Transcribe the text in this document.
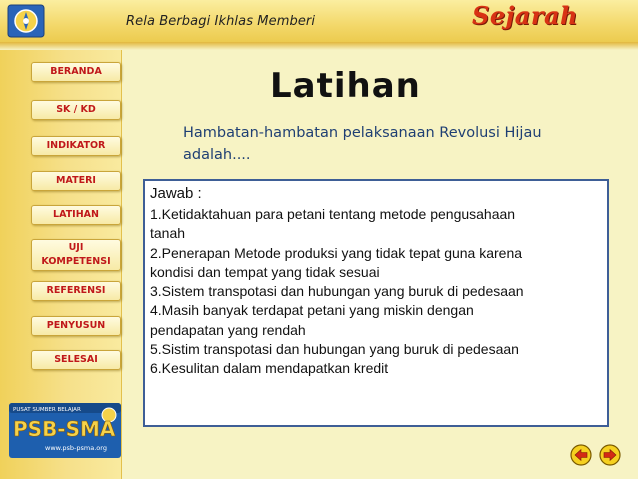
Rela Berbagi Ikhlas Memberi	Sejarah
BERANDA
SK / KD
INDIKATOR
MATERI
LATIHAN
UJI
KOMPETENSI
REFERENSI
PENYUSUN
SELESAI
PUSAT SUMBER BELAJAR
PSB-SMA
www.psb-psma.org
Latihan
Hambatan-hambatan pelaksanaan Revolusi Hijau
adalah....
Jawab :
1.Ketidaktahuan para petani tentang metode pengusahaan
tanah
2.Penerapan Metode produksi yang tidak tepat guna karena
kondisi dan tempat yang tidak sesuai
3.Sistem transpotasi dan hubungan yang buruk di pedesaan
4.Masih banyak terdapat petani yang miskin dengan
pendapatan yang rendah
5.Sistim transpotasi dan hubungan yang buruk di pedesaan
6.Kesulitan dalam mendapatkan kredit
